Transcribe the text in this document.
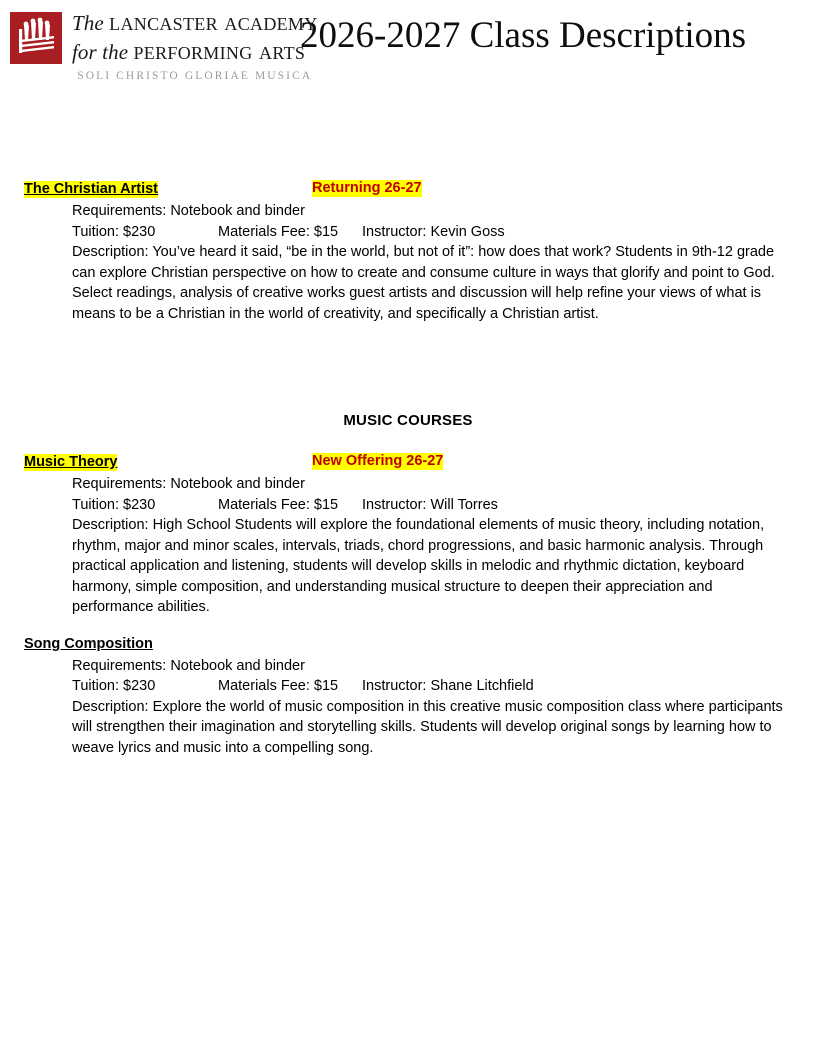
The lancaster academy
for the performing arts
SOLI CHRISTO GLORIAE MUSICA
2026-2027 Class Descriptions
The Christian Artist	Returning 26-27
Requirements: Notebook and binder
Tuition: $230	Materials Fee: $15 Instructor: Kevin Goss
Description: You’ve heard it said, “be in the world, but not of it”: how does that work? Students in 9th-12 grade can explore Christian perspective on how to create and consume culture in ways that glorify and point to God. Select readings, analysis of creative works guest artists and discussion will help refine your views of what is means to be a Christian in the world of creativity, and specifically a Christian artist.
MUSIC COURSES
Music Theory	New Offering 26-27
Requirements: Notebook and binder
Tuition: $230	Materials Fee: $15 Instructor: Will Torres
Description: High School Students will explore the foundational elements of music theory, including notation, rhythm, major and minor scales, intervals, triads, chord progressions, and basic harmonic analysis. Through practical application and listening, students will develop skills in melodic and rhythmic dictation, keyboard harmony, simple composition, and understanding musical structure to deepen their appreciation and performance abilities.
Song Composition
Requirements: Notebook and binder
Tuition: $230	Materials Fee: $15 Instructor: Shane Litchfield
Description: Explore the world of music composition in this creative music composition class where participants will strengthen their imagination and storytelling skills. Students will develop original songs by learning how to weave lyrics and music into a compelling song.
